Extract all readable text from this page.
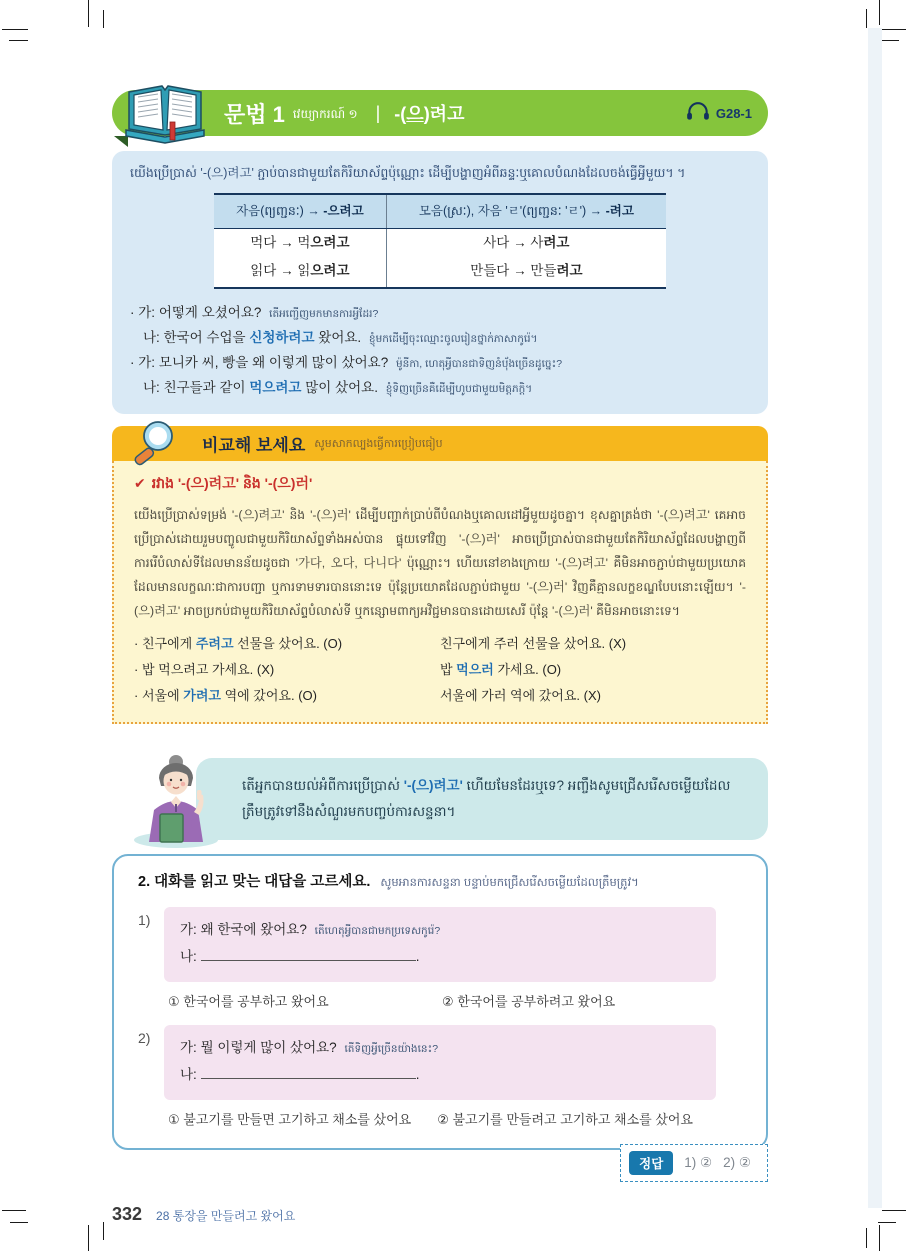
문법 1 វេយ្យាករណ៍ ១ | -(으)려고	G28-1
យើងប្រើប្រាស់ '-(으)려고' ភ្ជាប់បានជាមួយតែកិរិយាស័ព្ទប៉ុណ្ណោះ ដើម្បីបង្ហាញអំពីឆន្ទៈឬគោលបំណងដែលចង់ធ្វើអ្វីមួយ។ ។
자음(ព្យញ្ជនៈ) → -으려고	모음(ស្រៈ), 자음 'ㄹ'(ព្យញ្ជនៈ 'ㄹ') → -려고
먹다 → 먹으려고	사다 → 사려고
읽다 → 읽으려고	만들다 → 만들려고
· 가: 어떻게 오셨어요? តើអញ្ជើញមកមានការអ្វីដែរ?
나: 한국어 수업을 신청하려고 왔어요. ខ្ញុំមកដើម្បីចុះឈ្មោះចូលរៀនថ្នាក់ភាសាកូរ៉េ។
· 가: 모니카 씨, 빵을 왜 이렇게 많이 샀어요? ម៉ូនីកា, ហេតុអ្វីបានជាទិញនំប៉័ងច្រើនដូច្នេះ?
나: 친구들과 같이 먹으려고 많이 샀어요. ខ្ញុំទិញច្រើនគឺដើម្បីហូបជាមួយមិត្តភក្តិ។
비교해 보세요 សូមសាកល្បងធ្វើការប្រៀបធៀប
✔ រវាង '-(으)려고' និង '-(으)러'
យើងប្រើប្រាស់ទម្រង់ '-(으)려고' និង '-(으)러' ដើម្បីបញ្ជាក់ប្រាប់ពីបំណងឬគោលដៅអ្វីមួយដូចគ្នា។ ខុសគ្នាត្រង់ថា '-(으)려고' គេអាចប្រើប្រាស់ដោយរួមបញ្ចូលជាមួយកិរិយាស័ព្ទទាំងអស់បាន ផ្ទុយទៅវិញ '-(으)러' អាចប្រើប្រាស់បានជាមួយតែកិរិយាស័ព្ទដែលបង្ហាញពីការរើបំលាស់ទីដែលមានន័យដូចជា '가다, 오다, 다니다' ប៉ុណ្ណោះ។ ហើយនៅខាងក្រោយ '-(으)려고' គឺមិនអាចភ្ជាប់ជាមួយប្រយោគដែលមានលក្ខណៈជាការបញ្ជា ឬការទាមទារបាននោះទេ ប៉ុន្តែប្រយោគដែលភ្ជាប់ជាមួយ '-(으)러' វិញគឺគ្មានលក្ខខណ្ឌបែបនោះឡើយ។ '-(으)려고' អាចប្រកប់ជាមួយកិរិយាស័ព្ទបំលាស់ទី ឬកន្សោមពាក្យអវិជ្ជមានបានដោយសេរី ប៉ុន្តែ '-(으)러' គឺមិនអាចនោះទេ។
· 친구에게 주려고 선물을 샀어요. (O)	친구에게 주러 선물을 샀어요. (X)
· 밥 먹으려고 가세요. (X)	밥 먹으러 가세요. (O)
· 서울에 가려고 역에 갔어요. (O)	서울에 가러 역에 갔어요. (X)
តើអ្នកបានយល់អំពីការប្រើប្រាស់ '-(으)려고' ហើយមែនដែរឬទេ? អញ្ចឹងសូមជ្រើសរើសចម្លើយដែលត្រឹមត្រូវទៅនឹងសំណួរមកបញ្ចប់ការសន្ទនា។
2. 대화를 읽고 맞는 대답을 고르세요. សូមអានការសន្ទនា បន្ទាប់មកជ្រើសរើសចម្លើយដែលត្រឹមត្រូវ។
1)
가: 왜 한국에 왔어요? តើហេតុអ្វីបានជាមកប្រទេសកូរ៉េ?
나:	.
① 한국어를 공부하고 왔어요	② 한국어를 공부하려고 왔어요
2)
가: 뭘 이렇게 많이 샀어요? តើទិញអ្វីច្រើនយ៉ាងនេះ?
나:	.
① 불고기를 만들면 고기하고 채소를 샀어요 ② 불고기를 만들려고 고기하고 채소를 샀어요
정답	1) ② 2) ②
332 28 통장을 만들려고 왔어요
